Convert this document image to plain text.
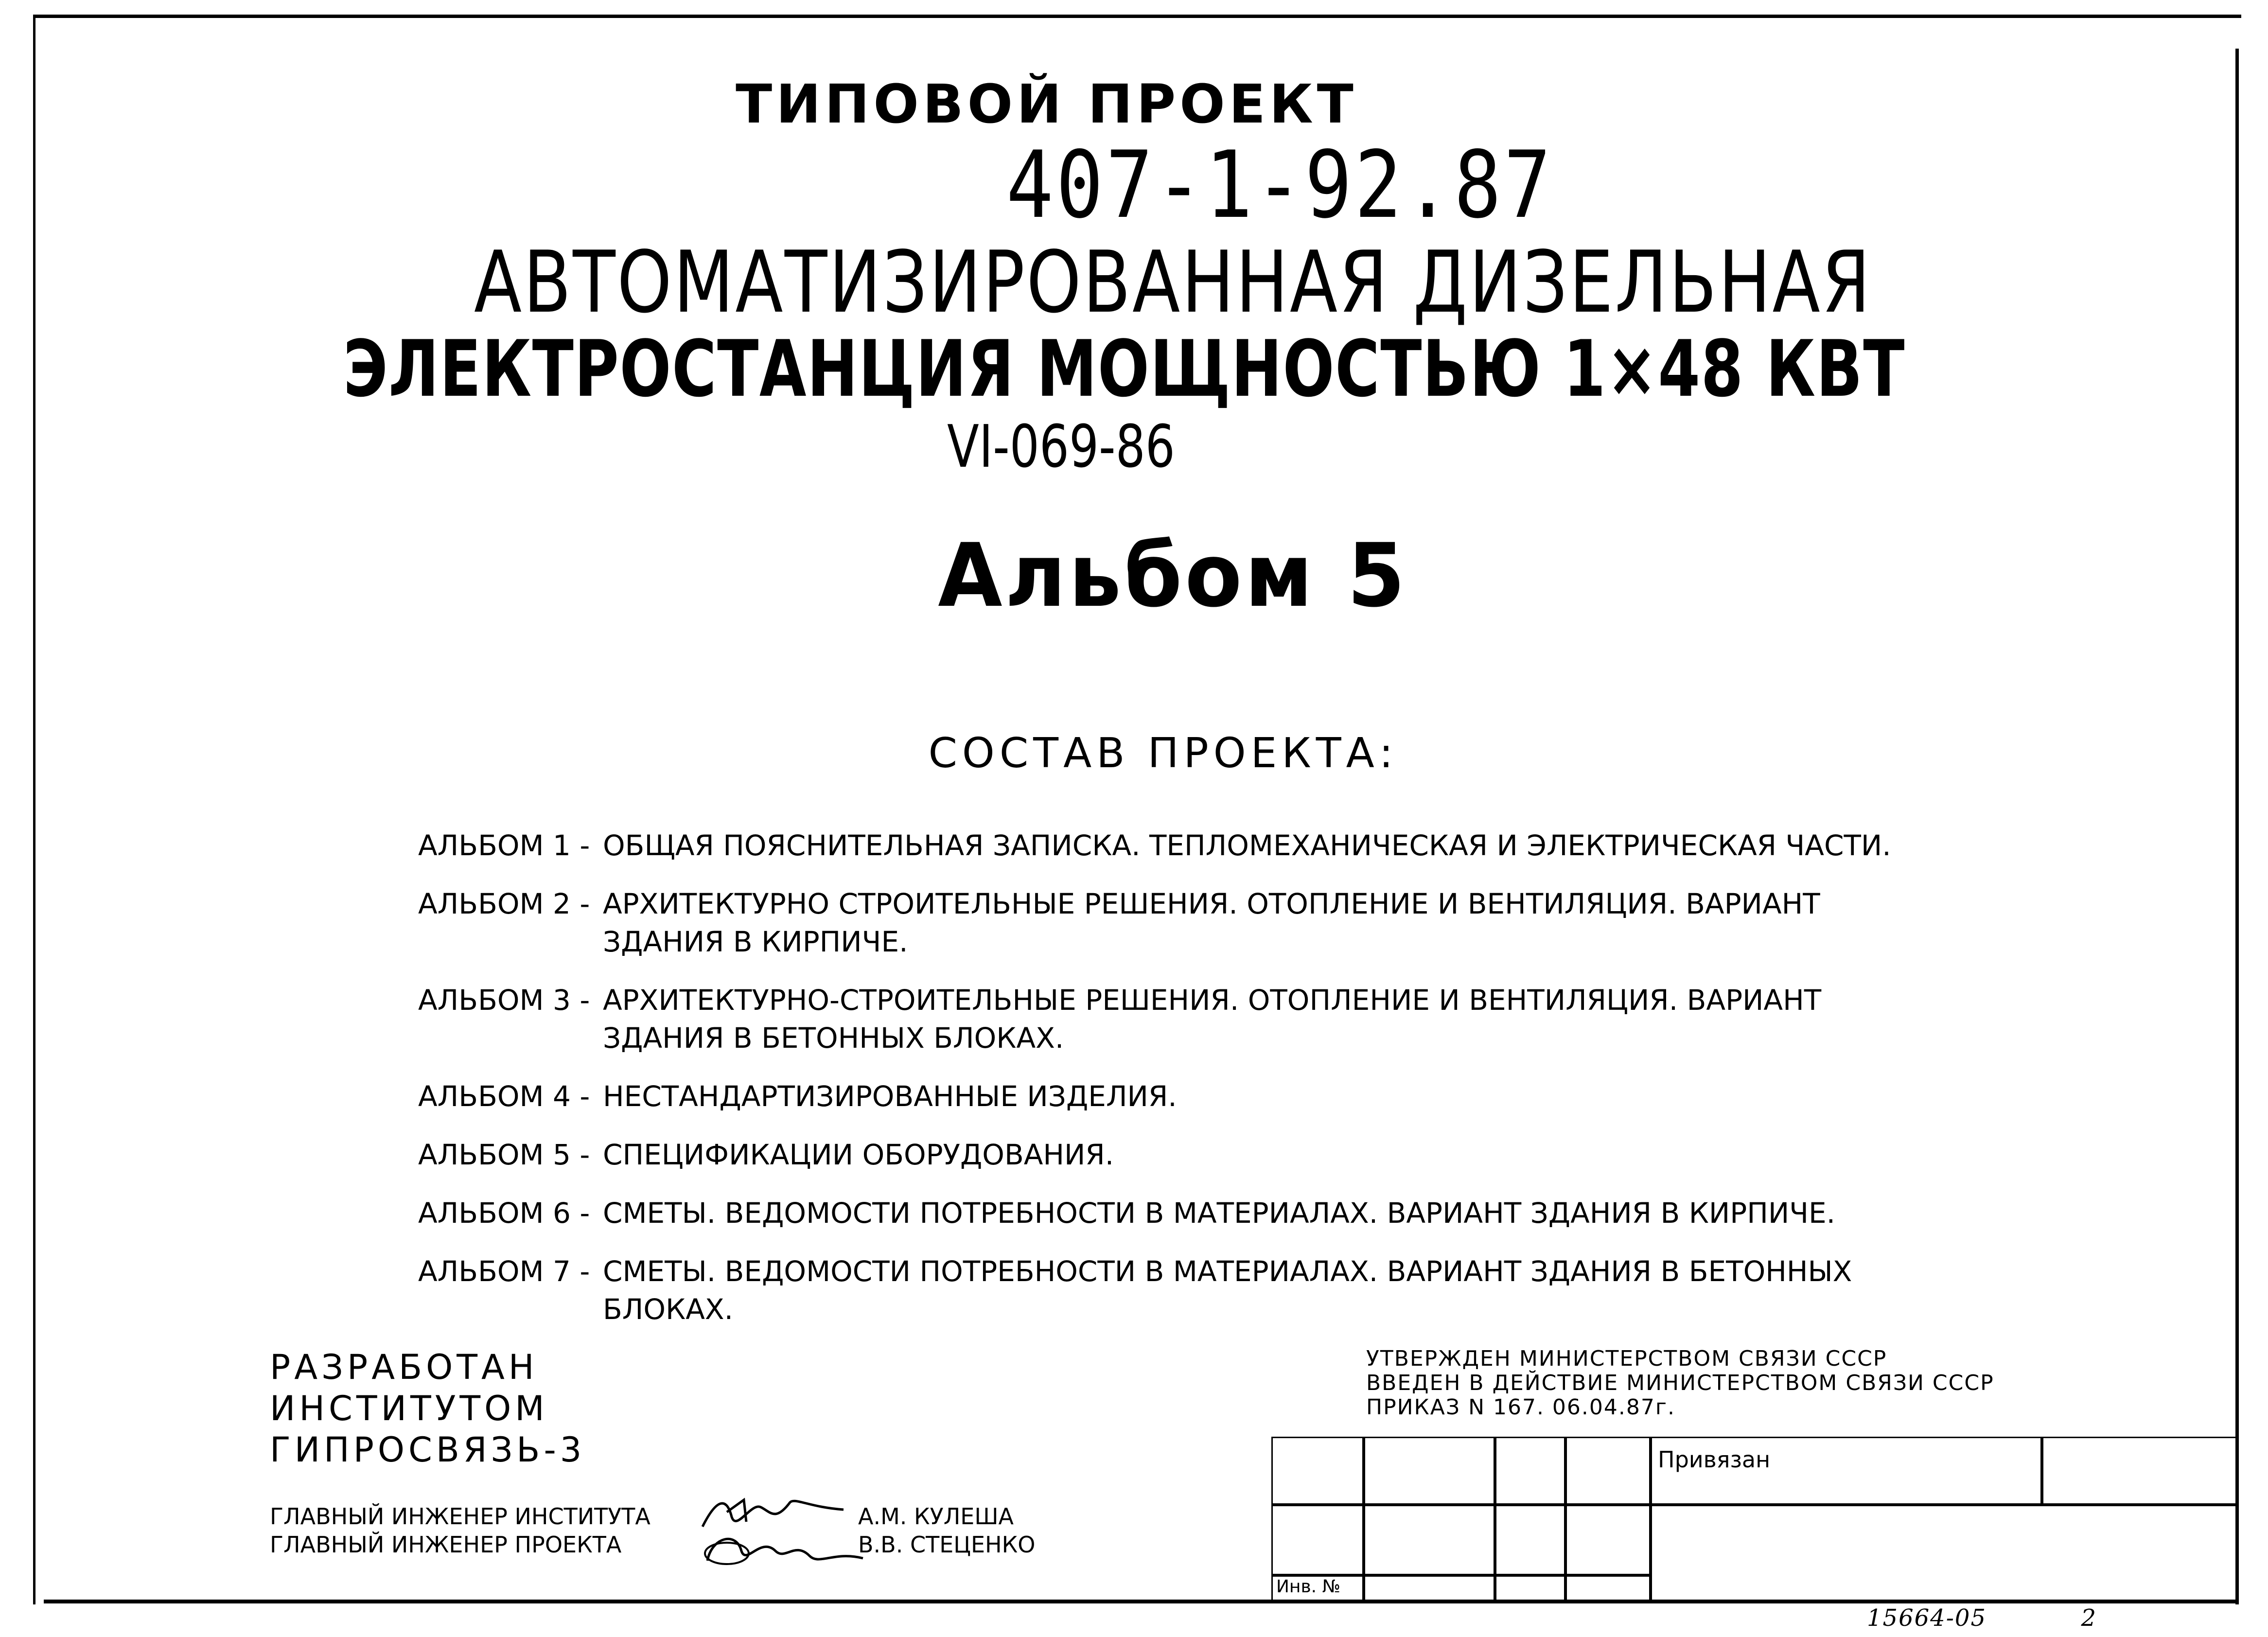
ТИПОВОЙ ПРОЕКТ
407-1-92.87
АВТОМАТИЗИРОВАННАЯ ДИЗЕЛЬНАЯ
ЭЛЕКТРОСТАНЦИЯ МОЩНОСТЬЮ 1×48 КВТ
VI-069-86
Альбом 5
СОСТАВ ПРОЕКТА:
АЛЬБОМ 1 - ОБЩАЯ ПОЯСНИТЕЛЬНАЯ ЗАПИСКА. ТЕПЛОМЕХАНИЧЕСКАЯ И ЭЛЕКТРИЧЕСКАЯ ЧАСТИ.
АЛЬБОМ 2 - АРХИТЕКТУРНО СТРОИТЕЛЬНЫЕ РЕШЕНИЯ. ОТОПЛЕНИЕ И ВЕНТИЛЯЦИЯ. ВАРИАНТ ЗДАНИЯ В КИРПИЧЕ.
АЛЬБОМ 3 - АРХИТЕКТУРНО-СТРОИТЕЛЬНЫЕ РЕШЕНИЯ. ОТОПЛЕНИЕ И ВЕНТИЛЯЦИЯ. ВАРИАНТ ЗДАНИЯ В БЕТОННЫХ БЛОКАХ.
АЛЬБОМ 4 - НЕСТАНДАРТИЗИРОВАННЫЕ ИЗДЕЛИЯ.
АЛЬБОМ 5 - СПЕЦИФИКАЦИИ ОБОРУДОВАНИЯ.
АЛЬБОМ 6 - СМЕТЫ. ВЕДОМОСТИ ПОТРЕБНОСТИ В МАТЕРИАЛАХ. ВАРИАНТ ЗДАНИЯ В КИРПИЧЕ.
АЛЬБОМ 7 - СМЕТЫ. ВЕДОМОСТИ ПОТРЕБНОСТИ В МАТЕРИАЛАХ. ВАРИАНТ ЗДАНИЯ В БЕТОННЫХ БЛОКАХ.
РАЗРАБОТАН
ИНСТИТУТОМ
ГИПРОСВЯЗЬ-3
ГЛАВНЫЙ ИНЖЕНЕР ИНСТИТУТА	А.М. КУЛЕША
ГЛАВНЫЙ ИНЖЕНЕР ПРОЕКТА	В.В. СТЕЦЕНКО
УТВЕРЖДЕН МИНИСТЕРСТВОМ СВЯЗИ СССР
ВВЕДЕН В ДЕЙСТВИЕ МИНИСТЕРСТВОМ СВЯЗИ СССР
ПРИКАЗ N 167. 06.04.87г.
Привязан
Инв. №
15664-05	2
